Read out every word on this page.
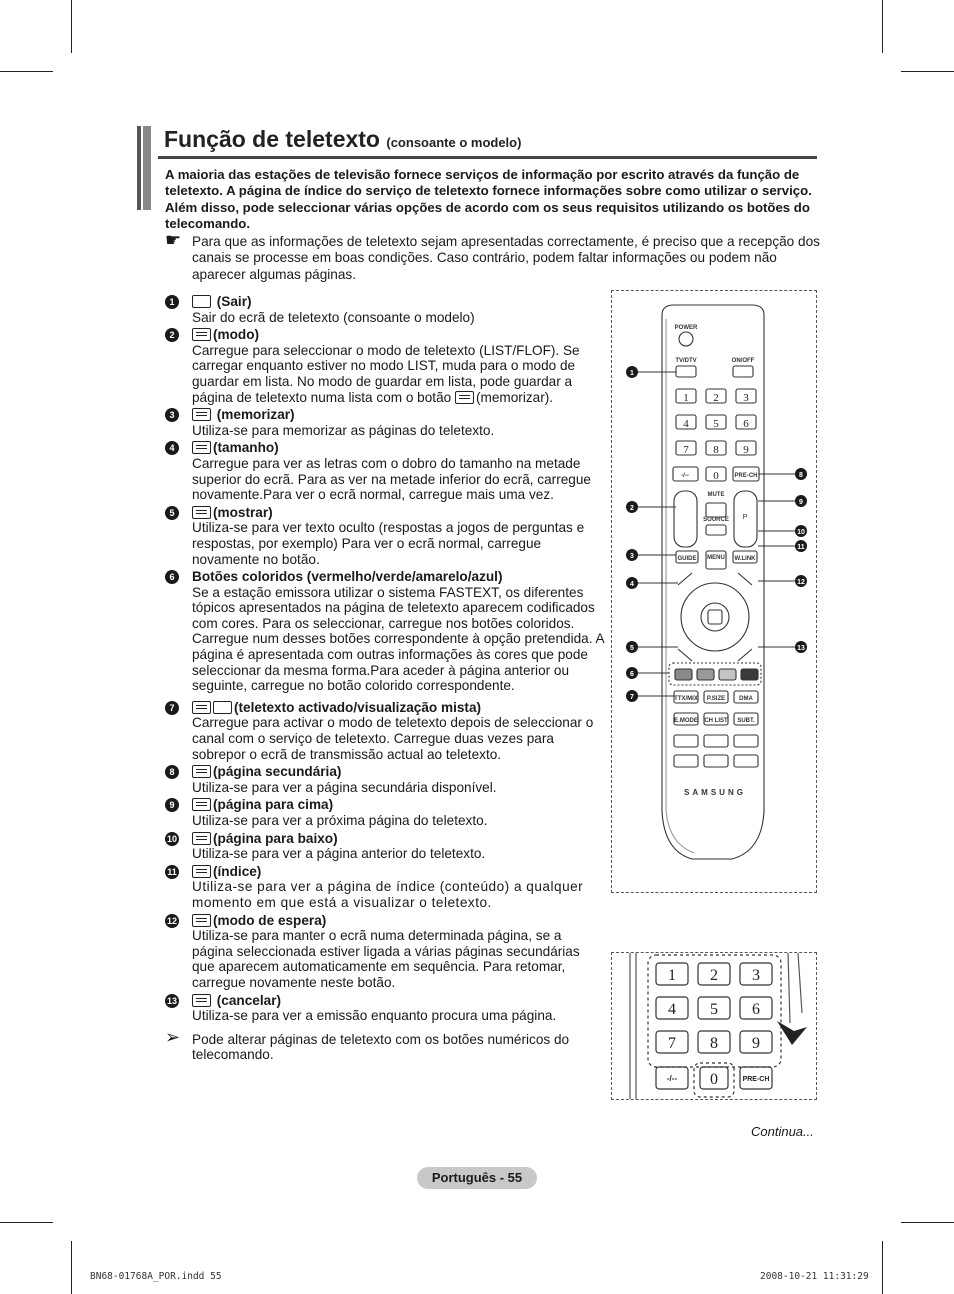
Função de teletexto (consoante o modelo)
A maioria das estações de televisão fornece serviços de informação por escrito através da função de teletexto. A página de índice do serviço de teletexto fornece informações sobre como utilizar o serviço. Além disso, pode seleccionar várias opções de acordo com os seus requisitos utilizando os botões do telecomando.
☛ Para que as informações de teletexto sejam apresentadas correctamente, é preciso que a recepção dos canais se processe em boas condições. Caso contrário, podem faltar informações ou podem não aparecer algumas páginas.
1	(Sair)
Sair do ecrã de teletexto (consoante o modelo)
2	(modo)
Carregue para seleccionar o modo de teletexto (LIST/FLOF). Se carregar enquanto estiver no modo LIST, muda para o modo de guardar em lista. No modo de guardar em lista, pode guardar a página de teletexto numa lista com o botão (memorizar).
3	(memorizar)
Utiliza-se para memorizar as páginas do teletexto.
4	(tamanho)
Carregue para ver as letras com o dobro do tamanho na metade superior do ecrã. Para as ver na metade inferior do ecrã, carregue novamente.Para ver o ecrã normal, carregue mais uma vez.
5	(mostrar)
Utiliza-se para ver texto oculto (respostas a jogos de perguntas e respostas, por exemplo) Para ver o ecrã normal, carregue novamente no botão.
6	Botões coloridos (vermelho/verde/amarelo/azul)
Se a estação emissora utilizar o sistema FASTEXT, os diferentes tópicos apresentados na página de teletexto aparecem codificados com cores. Para os seleccionar, carregue nos botões coloridos. Carregue num desses botões correspondente à opção pretendida. A página é apresentada com outras informações às cores que pode seleccionar da mesma forma.Para aceder à página anterior ou seguinte, carregue no botão colorido correspondente.
7	(teletexto activado/visualização mista)
Carregue para activar o modo de teletexto depois de seleccionar o canal com o serviço de teletexto. Carregue duas vezes para sobrepor o ecrã de transmissão actual ao teletexto.
8	(página secundária)
Utiliza-se para ver a página secundária disponível.
9	(página para cima)
Utiliza-se para ver a próxima página do teletexto.
10	(página para baixo)
Utiliza-se para ver a página anterior do teletexto.
11	(índice)
Utiliza-se para ver a página de índice (conteúdo) a qualquer momento em que está a visualizar o teletexto.
12	(modo de espera)
Utiliza-se para manter o ecrã numa determinada página, se a página seleccionada estiver ligada a várias páginas secundárias que aparecem automaticamente em sequência. Para retomar, carregue novamente neste botão.
13	(cancelar)
Utiliza-se para ver a emissão enquanto procura uma página.
➢ Pode alterar páginas de teletexto com os botões numéricos do telecomando.
POWER
TV/DTV	ON/OFF
MUTE
SOURCE
GUIDE MENU W.LINK
TTX/MIX P.SIZE DMA
E.MODE CH LIST SUBT.
-/--	PRE-CH
P
SAMSUNG
1 2 3
4 5 6
7 8 9
0
1
2
3
4
5
6
7
8
9
10
11
12
13
1 2 3
4 5 6
7 8 9
0
-/--	PRE-CH
Continua...
Português - 55
BN68-01768A_POR.indd 55	2008-10-21 11:31:29
